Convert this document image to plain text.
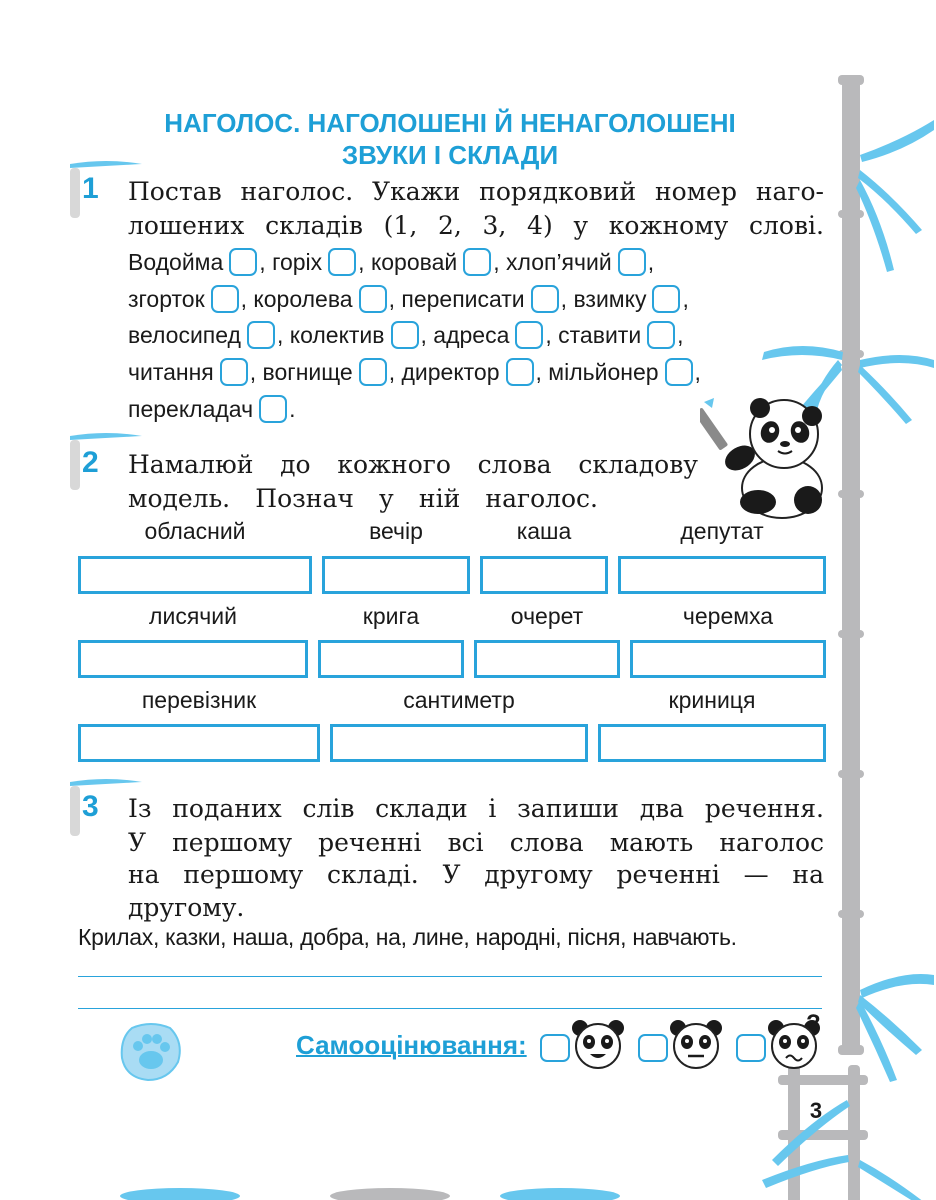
3
НАГОЛОС. НАГОЛОШЕНІ Й НЕНАГОЛОШЕНІ
ЗВУКИ І СКЛАДИ
1 Постав наголос. Укажи порядковий номер наго-
лошених складів (1, 2, 3, 4) у кожному слові.
Водойма , горіх , коровай , хлоп’ячий ,
згорток , королева , переписати , взимку ,
велосипед , колектив , адреса , ставити ,
читання , вогнище , директор , мільйонер ,
перекладач .
2 Намалюй до кожного слова складову
модель. Познач у ній наголос.
обласний	вечір	каша	депутат
лисячий	крига	очерет	черемха
перевізник	сантиметр	криниця
3 Із поданих слів склади і запиши два речення.
У першому реченні всі слова мають наголос
на першому складі. У другому реченні — на
другому.
Крилах, казки, наша, добра, на, лине, народні, пісня, навчають.
Самооцінювання:
?
